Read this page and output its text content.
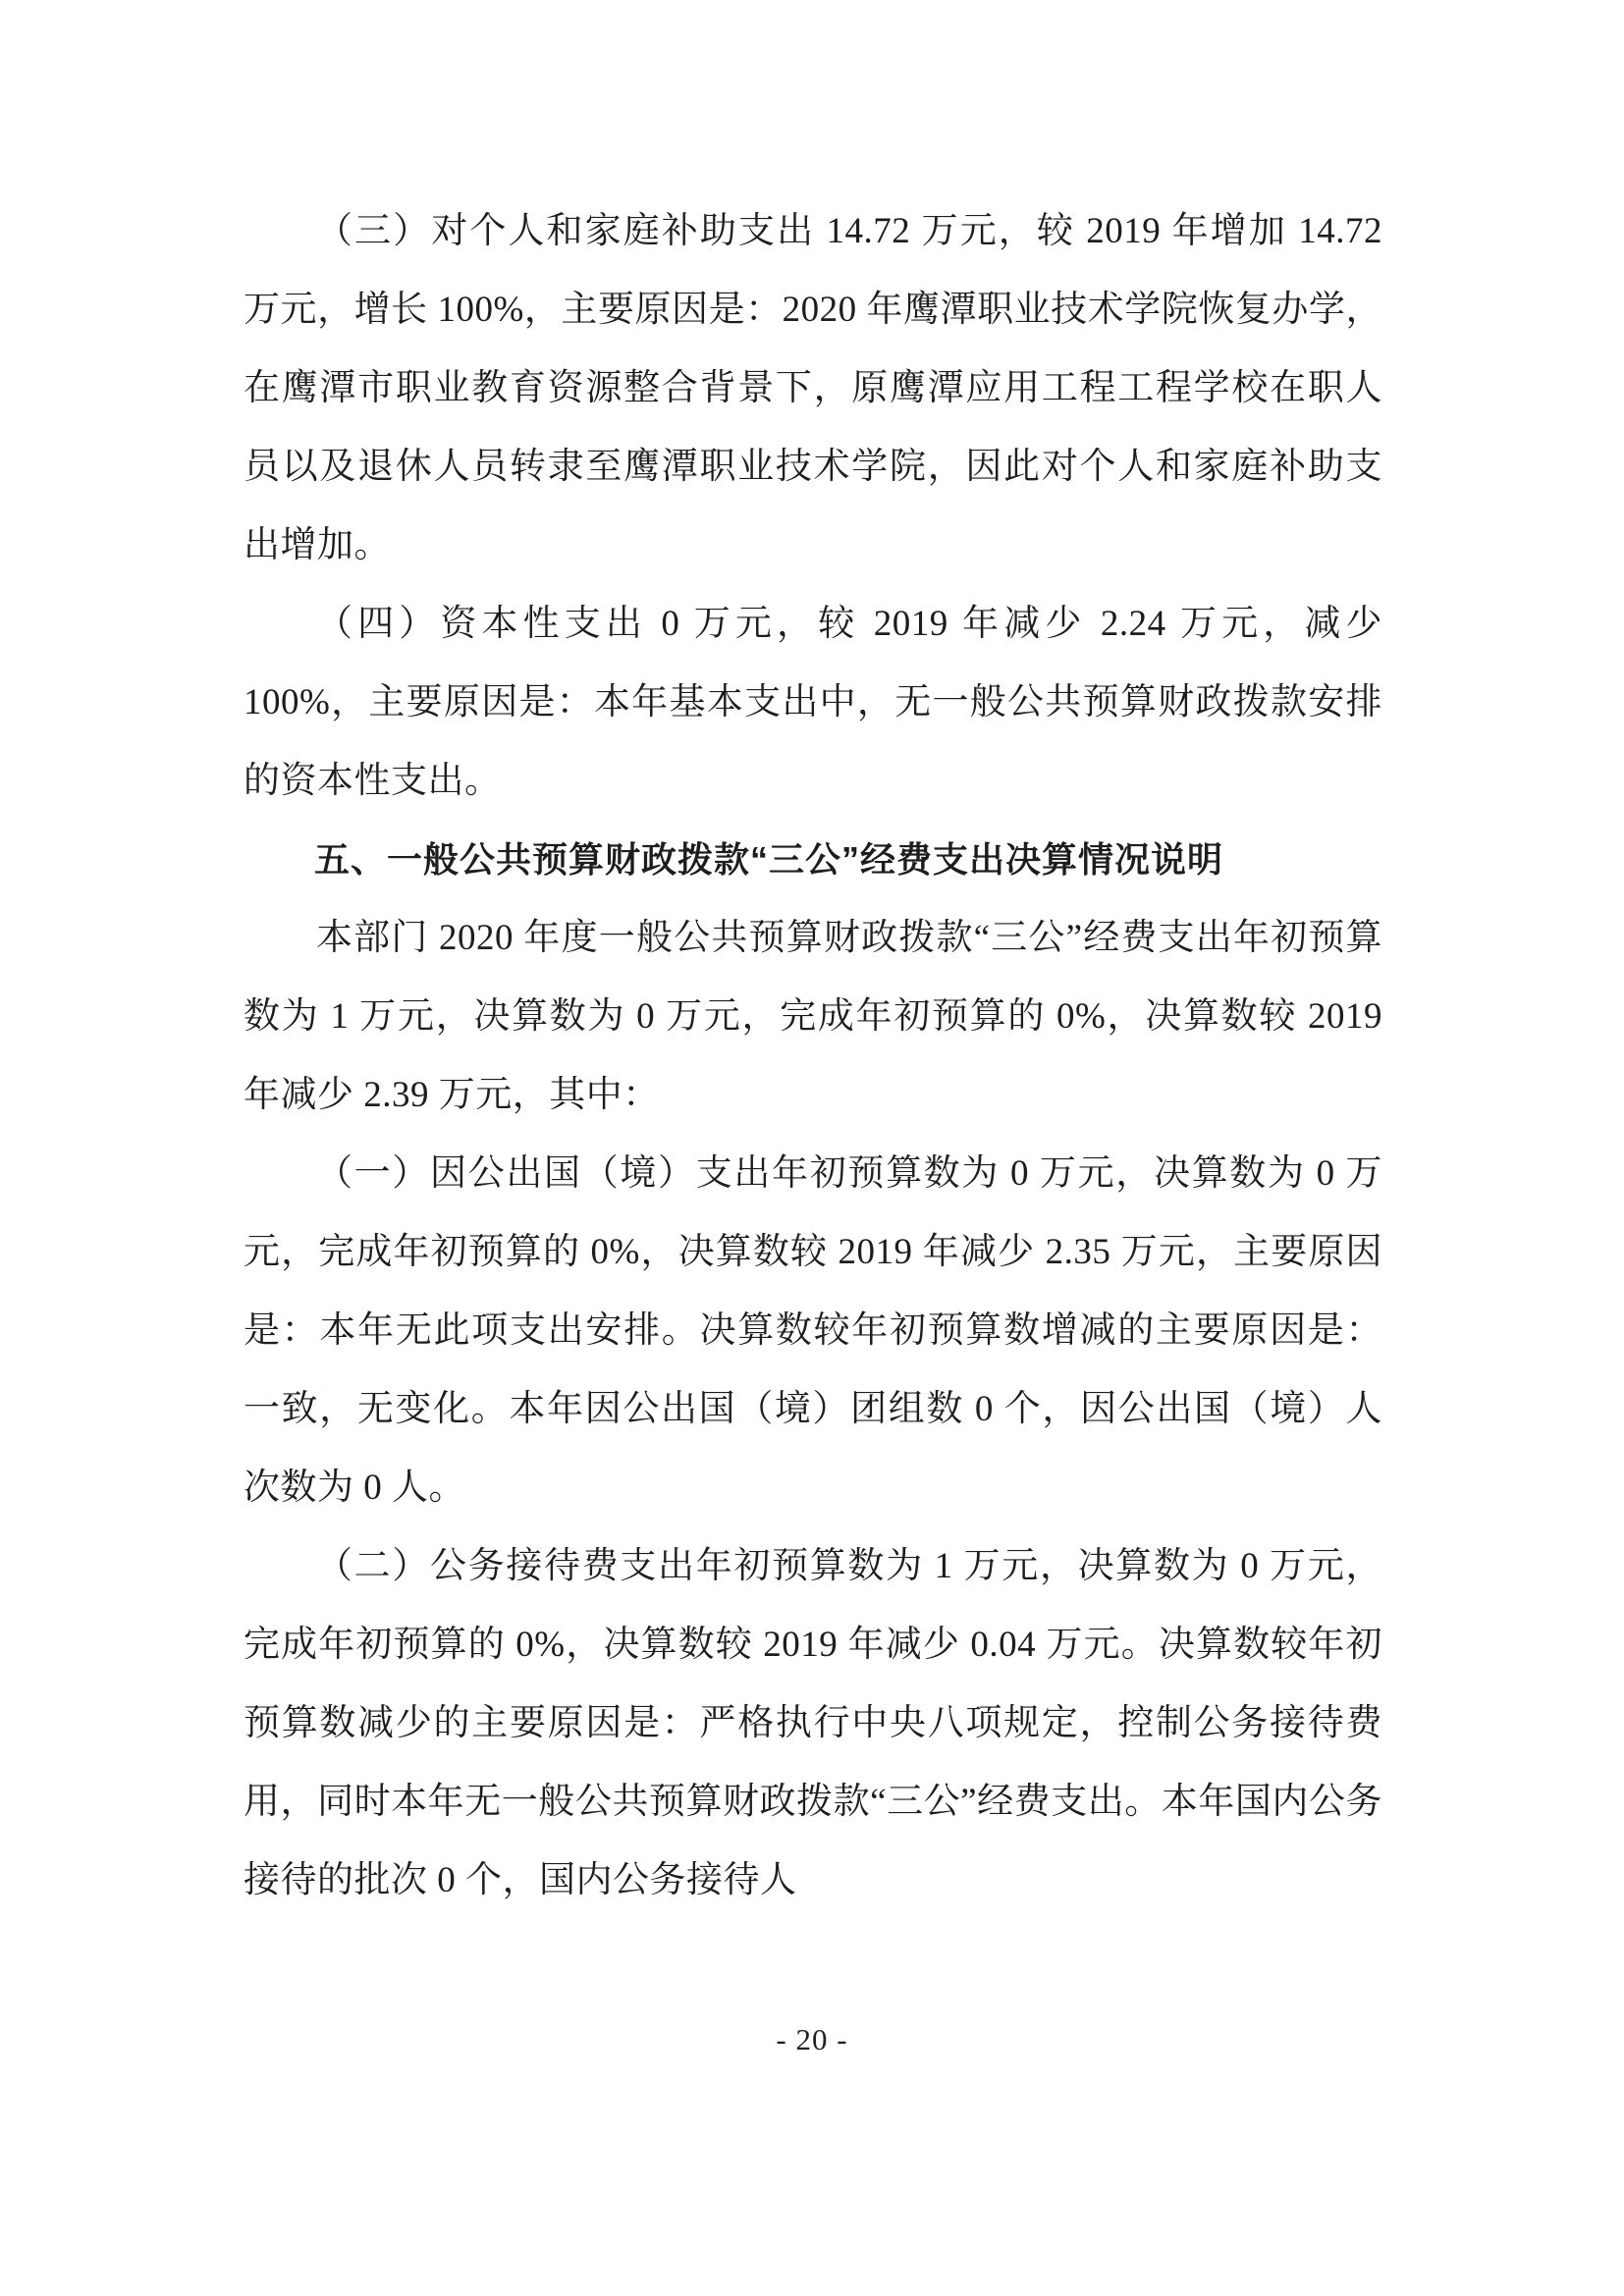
（三）对个人和家庭补助支出 14.72 万元，较 2019 年增加 14.72 万元，增长 100%，主要原因是：2020 年鹰潭职业技术学院恢复办学，在鹰潭市职业教育资源整合背景下，原鹰潭应用工程工程学校在职人员以及退休人员转隶至鹰潭职业技术学院，因此对个人和家庭补助支出增加。

（四）资本性支出 0 万元，较 2019 年减少 2.24 万元，减少 100%，主要原因是：本年基本支出中，无一般公共预算财政拨款安排的资本性支出。

五、一般公共预算财政拨款“三公”经费支出决算情况说明

本部门 2020 年度一般公共预算财政拨款“三公”经费支出年初预算数为 1 万元，决算数为 0 万元，完成年初预算的 0%，决算数较 2019 年减少 2.39 万元，其中：

（一）因公出国（境）支出年初预算数为 0 万元，决算数为 0 万元，完成年初预算的 0%，决算数较 2019 年减少 2.35 万元，主要原因是：本年无此项支出安排。决算数较年初预算数增减的主要原因是：一致，无变化。本年因公出国（境）团组数 0 个，因公出国（境）人次数为 0 人。

（二）公务接待费支出年初预算数为 1 万元，决算数为 0 万元，完成年初预算的 0%，决算数较 2019 年减少 0.04 万元。决算数较年初预算数减少的主要原因是：严格执行中央八项规定，控制公务接待费用，同时本年无一般公共预算财政拨款“三公”经费支出。本年国内公务接待的批次 0 个，国内公务接待人

- 20 -
